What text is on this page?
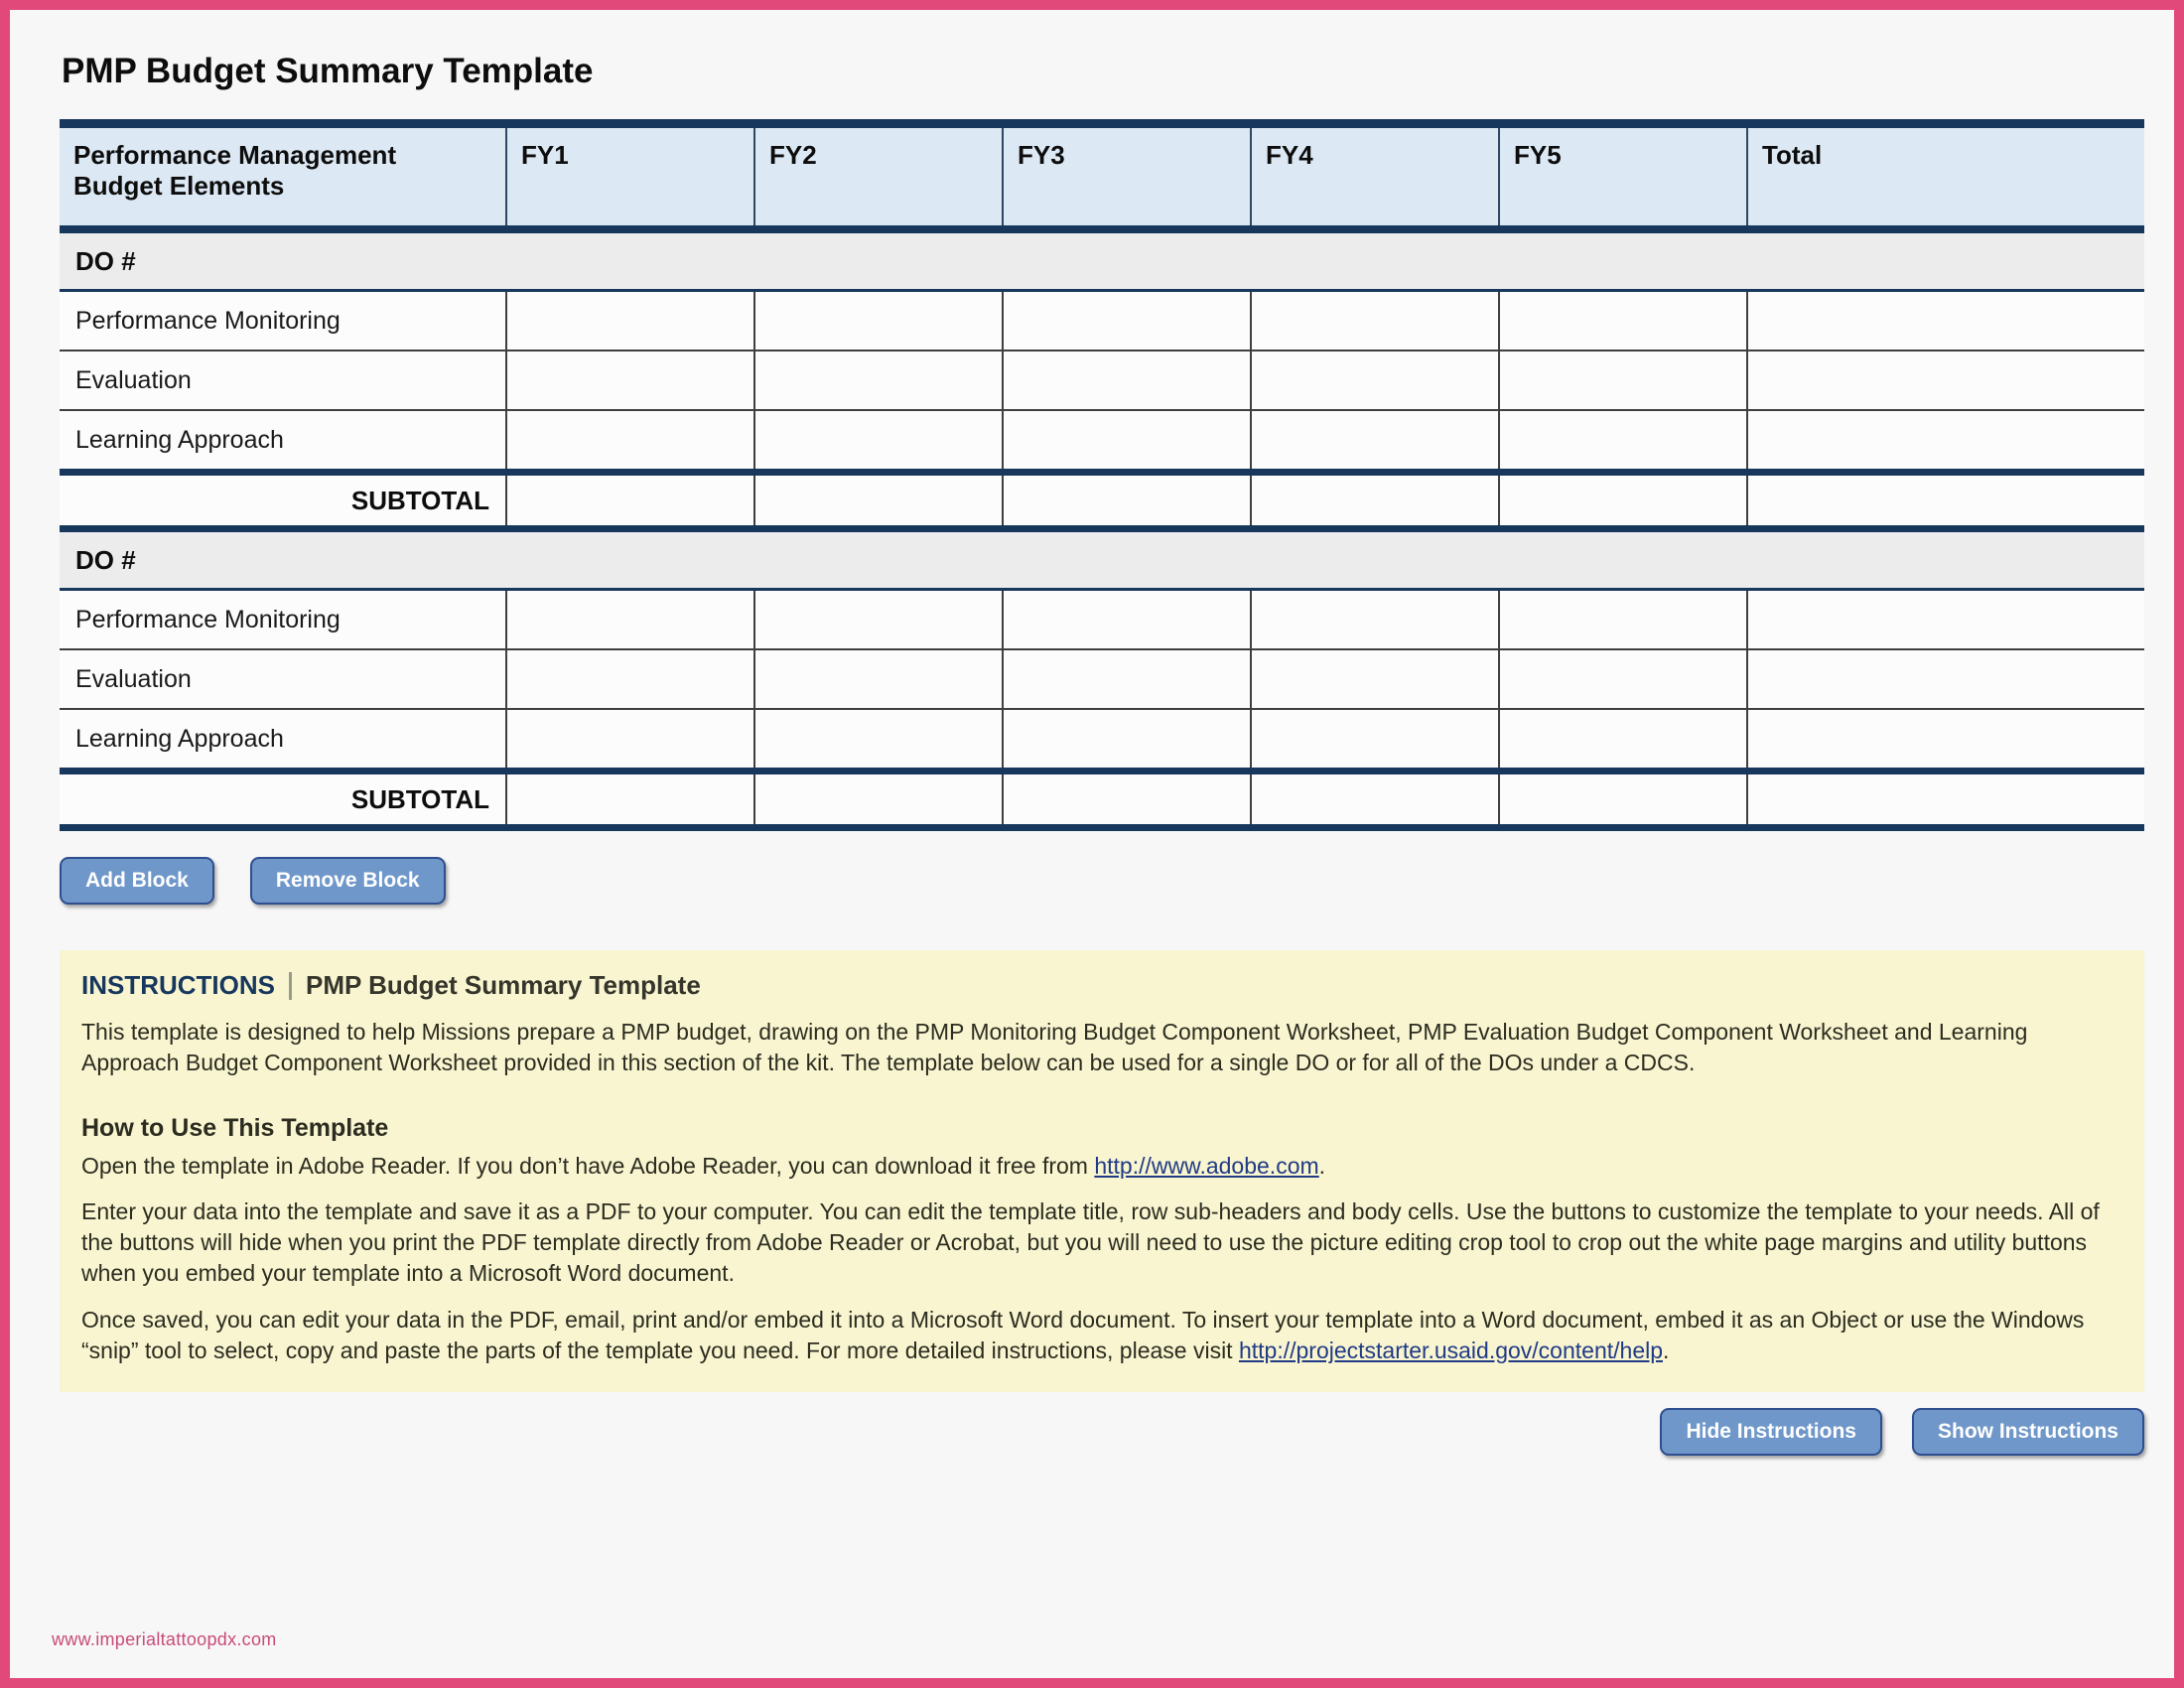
PMP Budget Summary Template
Performance Management Budget Elements	FY1	FY2	FY3	FY4	FY5	Total
DO #						
Performance Monitoring						
Evaluation						
Learning Approach						
SUBTOTAL						
DO #						
Performance Monitoring						
Evaluation						
Learning Approach						
SUBTOTAL						
Add Block	Remove Block
INSTRUCTIONS PMP Budget Summary Template

This template is designed to help Missions prepare a PMP budget, drawing on the PMP Monitoring Budget Component Worksheet, PMP Evaluation Budget Component Worksheet and Learning Approach Budget Component Worksheet provided in this section of the kit. The template below can be used for a single DO or for all of the DOs under a CDCS.

How to Use This Template

Open the template in Adobe Reader. If you don’t have Adobe Reader, you can download it free from http://www.adobe.com.

Enter your data into the template and save it as a PDF to your computer. You can edit the template title, row sub-headers and body cells. Use the buttons to customize the template to your needs. All of the buttons will hide when you print the PDF template directly from Adobe Reader or Acrobat, but you will need to use the picture editing crop tool to crop out the white page margins and utility buttons when you embed your template into a Microsoft Word document.

Once saved, you can edit your data in the PDF, email, print and/or embed it into a Microsoft Word document. To insert your template into a Word document, embed it as an Object or use the Windows “snip” tool to select, copy and paste the parts of the template you need. For more detailed instructions, please visit http://projectstarter.usaid.gov/content/help.

Hide Instructions	Show Instructions
www.imperialtattoopdx.com
